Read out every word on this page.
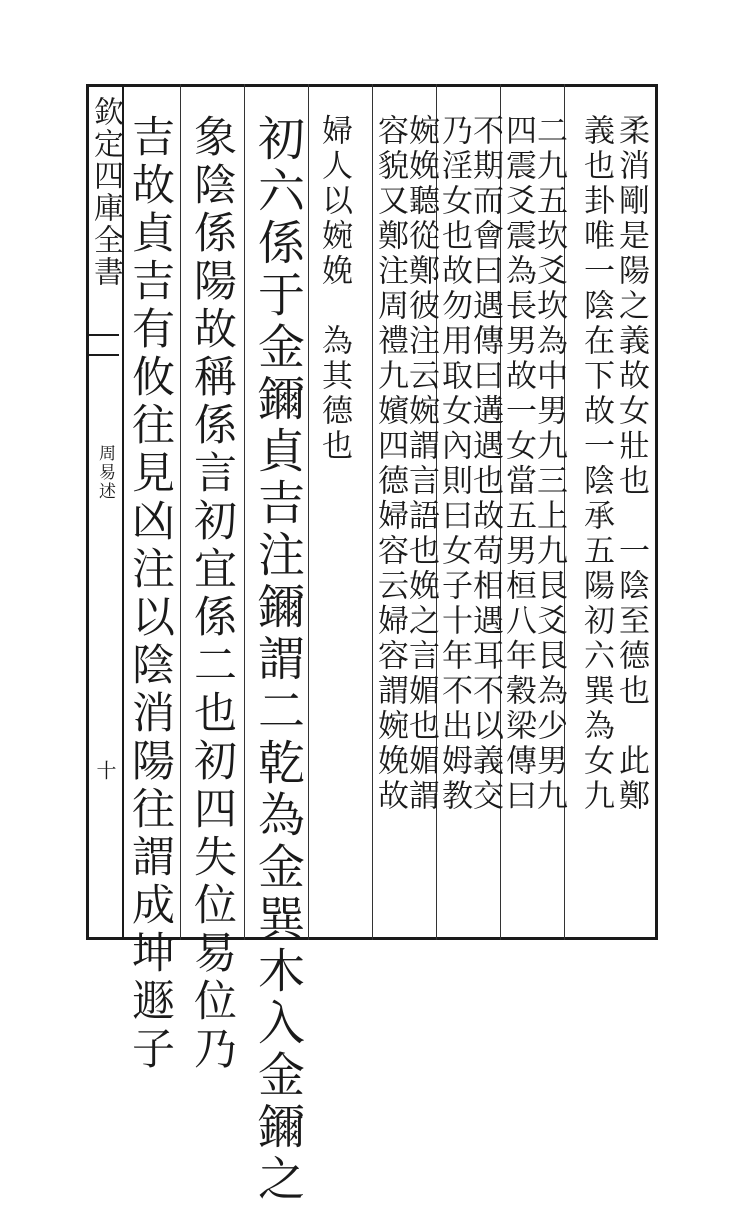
欽定四庫全書
周易述
十	柔消剛是陽之義故女壯也　一陰至德也　此鄭
義也卦唯一陰在下故一陰承五陽初六巽為女九
二九五坎爻坎為中男九三上九艮爻艮為少男九
四震爻震為長男故一女當五男桓八年穀梁傳曰
不期而會曰遇傳曰遘遇也故苟相遇耳不以義交
乃淫女也故勿用取女內則曰女子十年不出姆教
婉娩聽從鄭彼注云婉謂言語也娩之言媚也媚謂
容貌又鄭注周禮九嬪四德婦容云婦容謂婉娩故
婦人以婉娩　為其德也
初六係于金鑈貞吉注鑈謂二乾為金巽木入金鑈之
象陰係陽故稱係言初宜係二也初四失位易位乃
吉故貞吉有攸往見凶注以陰消陽往謂成坤遯子
